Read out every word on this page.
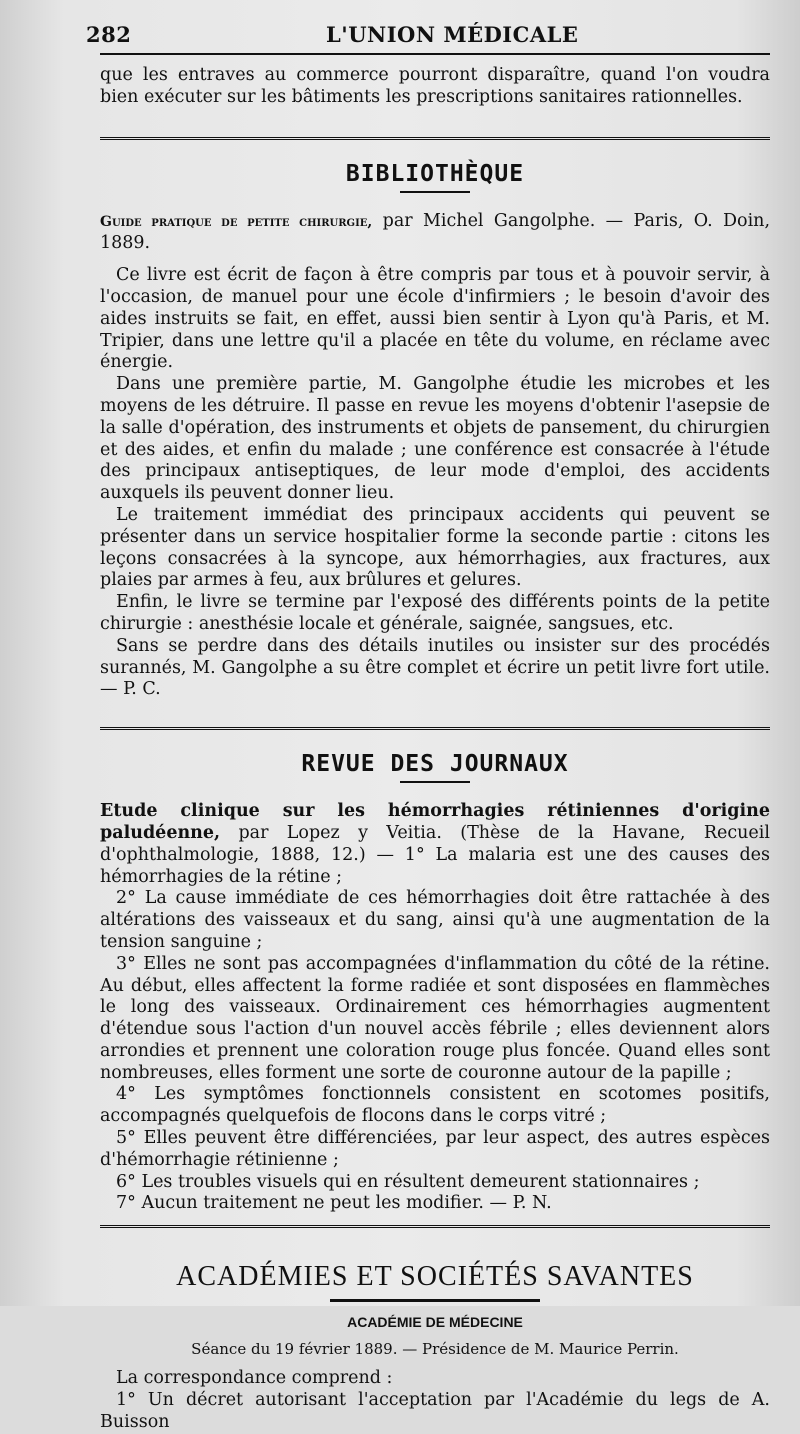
282	L'UNION MÉDICALE

que les entraves au commerce pourront disparaître, quand l'on voudra bien exécuter sur les bâtiments les prescriptions sanitaires rationnelles.

BIBLIOTHÈQUE

Guide pratique de petite chirurgie, par Michel Gangolphe. — Paris, O. Doin, 1889.

Ce livre est écrit de façon à être compris par tous et à pouvoir servir, à l'occasion, de manuel pour une école d'infirmiers ; le besoin d'avoir des aides instruits se fait, en effet, aussi bien sentir à Lyon qu'à Paris, et M. Tripier, dans une lettre qu'il a placée en tête du volume, en réclame avec énergie.

Dans une première partie, M. Gangolphe étudie les microbes et les moyens de les détruire. Il passe en revue les moyens d'obtenir l'asepsie de la salle d'opération, des instruments et objets de pansement, du chirurgien et des aides, et enfin du malade ; une conférence est consacrée à l'étude des principaux antiseptiques, de leur mode d'emploi, des accidents auxquels ils peuvent donner lieu.

Le traitement immédiat des principaux accidents qui peuvent se présenter dans un service hospitalier forme la seconde partie : citons les leçons consacrées à la syncope, aux hémorrhagies, aux fractures, aux plaies par armes à feu, aux brûlures et gelures.

Enfin, le livre se termine par l'exposé des différents points de la petite chirurgie : anesthésie locale et générale, saignée, sangsues, etc.

Sans se perdre dans des détails inutiles ou insister sur des procédés surannés, M. Gangolphe a su être complet et écrire un petit livre fort utile. — P. C.

REVUE DES JOURNAUX

Etude clinique sur les hémorrhagies rétiniennes d'origine paludéenne, par Lopez y Veitia. (Thèse de la Havane, Recueil d'ophthalmologie, 1888, 12.) — 1° La malaria est une des causes des hémorrhagies de la rétine ;

2° La cause immédiate de ces hémorrhagies doit être rattachée à des altérations des vaisseaux et du sang, ainsi qu'à une augmentation de la tension sanguine ;

3° Elles ne sont pas accompagnées d'inflammation du côté de la rétine. Au début, elles affectent la forme radiée et sont disposées en flammèches le long des vaisseaux. Ordinairement ces hémorrhagies augmentent d'étendue sous l'action d'un nouvel accès fébrile ; elles deviennent alors arrondies et prennent une coloration rouge plus foncée. Quand elles sont nombreuses, elles forment une sorte de couronne autour de la papille ;

4° Les symptômes fonctionnels consistent en scotomes positifs, accompagnés quelquefois de flocons dans le corps vitré ;

5° Elles peuvent être différenciées, par leur aspect, des autres espèces d'hémorrhagie rétinienne ;

6° Les troubles visuels qui en résultent demeurent stationnaires ;

7° Aucun traitement ne peut les modifier. — P. N.

ACADÉMIES ET SOCIÉTÉS SAVANTES
ACADÉMIE DE MÉDECINE
Séance du 19 février 1889. — Présidence de M. Maurice Perrin.

La correspondance comprend :

1° Un décret autorisant l'acceptation par l'Académie du legs de A. Buisson
